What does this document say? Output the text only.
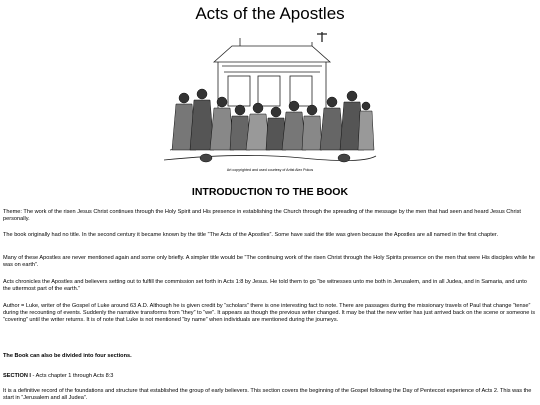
Acts of the Apostles
Art copyrighted and used courtesy of Artist Alex Pokos
INTRODUCTION TO THE BOOK

Theme: The work of the risen Jesus Christ continues through the Holy Spirit and His presence in establishing the Church through the spreading of the message by the men that had seen and heard Jesus Christ personally.

The book originally had no title. In the second century it became known by the title “The Acts of the Apostles”. Some have said the title was given because the Apostles are all named in the first chapter.

Many of these Apostles are never mentioned again and some only briefly. A simpler title would be “The continuing work of the risen Christ through the Holy Spirits presence on the men that were His disciples while he was on earth”.

Acts chronicles the Apostles and believers setting out to fulfill the commission set forth in Acts 1:8 by Jesus. He told them to go “be witnesses unto me both in Jerusalem, and in all Judea, and in Samaria, and unto the uttermost part of the earth.”

Author = Luke, writer of the Gospel of Luke around 63 A.D. Although he is given credit by “scholars” there is one interesting fact to note. There are passages during the missionary travels of Paul that change “tense” during the recounting of events. Suddenly the narrative transforms from “they” to “we”. It appears as though the previous writer changed. It may be that the new writer has just arrived back on the scene or someone is “covering” until the writer returns. It is of note that Luke is not mentioned “by name” when individuals are mentioned during the journeys.

The Book can also be divided into four sections.

SECTION I - Acts chapter 1 through Acts 8:3

It is a definitive record of the foundations and structure that established the group of early believers. This section covers the beginning of the Gospel following the Day of Pentecost experience of Acts 2. This was the start in “Jerusalem and all Judea”.
